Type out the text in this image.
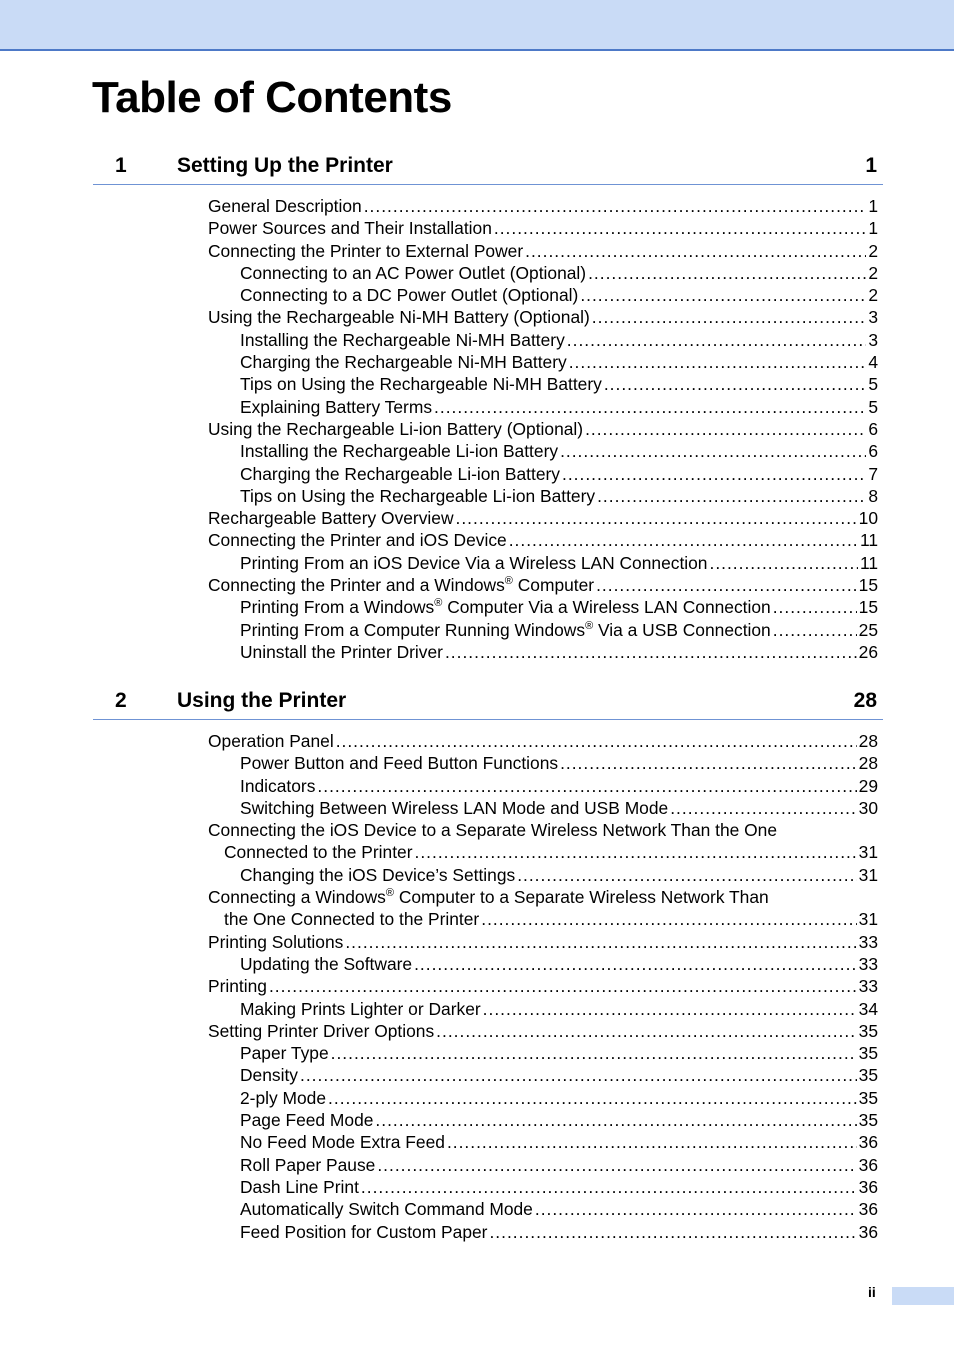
Table of Contents
1 Setting Up the Printer	1
General Description .....	1
Power Sources and Their Installation .....	1
Connecting the Printer to External Power .....	2
Connecting to an AC Power Outlet (Optional) .....	2
Connecting to a DC Power Outlet (Optional) .....	2
Using the Rechargeable Ni-MH Battery (Optional) .....	3
Installing the Rechargeable Ni-MH Battery .....	3
Charging the Rechargeable Ni-MH Battery .....	4
Tips on Using the Rechargeable Ni-MH Battery .....	5
Explaining Battery Terms .....	5
Using the Rechargeable Li-ion Battery (Optional) .....	6
Installing the Rechargeable Li-ion Battery .....	6
Charging the Rechargeable Li-ion Battery .....	7
Tips on Using the Rechargeable Li-ion Battery .....	8
Rechargeable Battery Overview .....	10
Connecting the Printer and iOS Device .....	11
Printing From an iOS Device Via a Wireless LAN Connection .....	11
Connecting the Printer and a Windows® Computer .....	15
Printing From a Windows® Computer Via a Wireless LAN Connection .....	15
Printing From a Computer Running Windows® Via a USB Connection .....	25
Uninstall the Printer Driver .....	26
2 Using the Printer	28
Operation Panel .....	28
Power Button and Feed Button Functions .....	28
Indicators .....	29
Switching Between Wireless LAN Mode and USB Mode .....	30
Connecting the iOS Device to a Separate Wireless Network Than the One
Connected to the Printer .....	31
Changing the iOS Device’s Settings .....	31
Connecting a Windows® Computer to a Separate Wireless Network Than
the One Connected to the Printer .....	31
Printing Solutions .....	33
Updating the Software .....	33
Printing .....	33
Making Prints Lighter or Darker .....	34
Setting Printer Driver Options .....	35
Paper Type .....	35
Density .....	35
2-ply Mode .....	35
Page Feed Mode .....	35
No Feed Mode Extra Feed .....	36
Roll Paper Pause .....	36
Dash Line Print .....	36
Automatically Switch Command Mode .....	36
Feed Position for Custom Paper .....	36
ii
